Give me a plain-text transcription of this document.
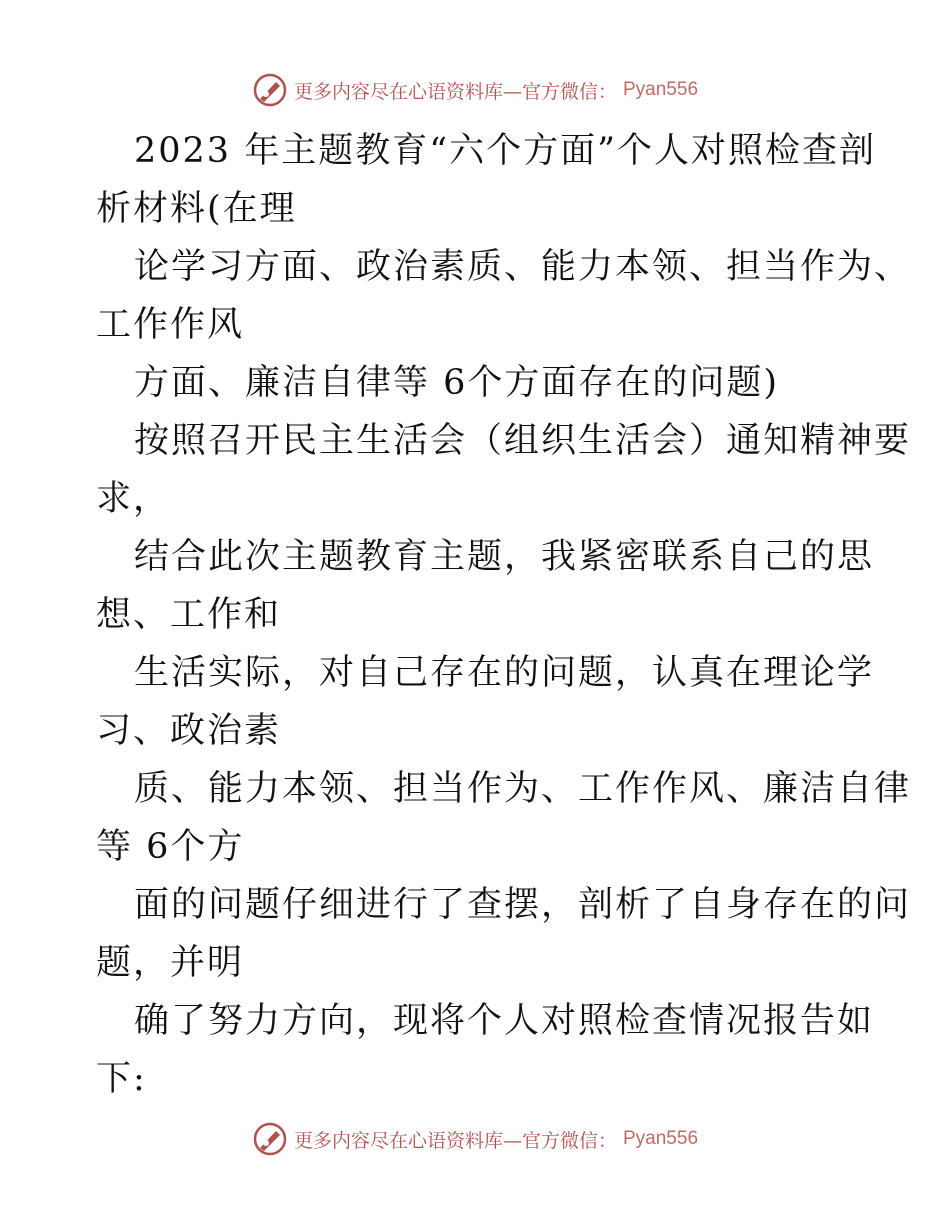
更多内容尽在心语资料库—官方微信： Pyan556
2023 年主题教育“六个方面”个人对照检查剖
析材料(在理
论学习方面、政治素质、能力本领、担当作为、
工作作风
方面、廉洁自律等 6个方面存在的问题)
按照召开民主生活会（组织生活会）通知精神要
求，
结合此次主题教育主题，我紧密联系自己的思
想、工作和
生活实际，对自己存在的问题，认真在理论学
习、政治素
质、能力本领、担当作为、工作作风、廉洁自律
等 6个方
面的问题仔细进行了查摆，剖析了自身存在的问
题，并明
确了努力方向，现将个人对照检查情况报告如
下:
更多内容尽在心语资料库—官方微信： Pyan556
